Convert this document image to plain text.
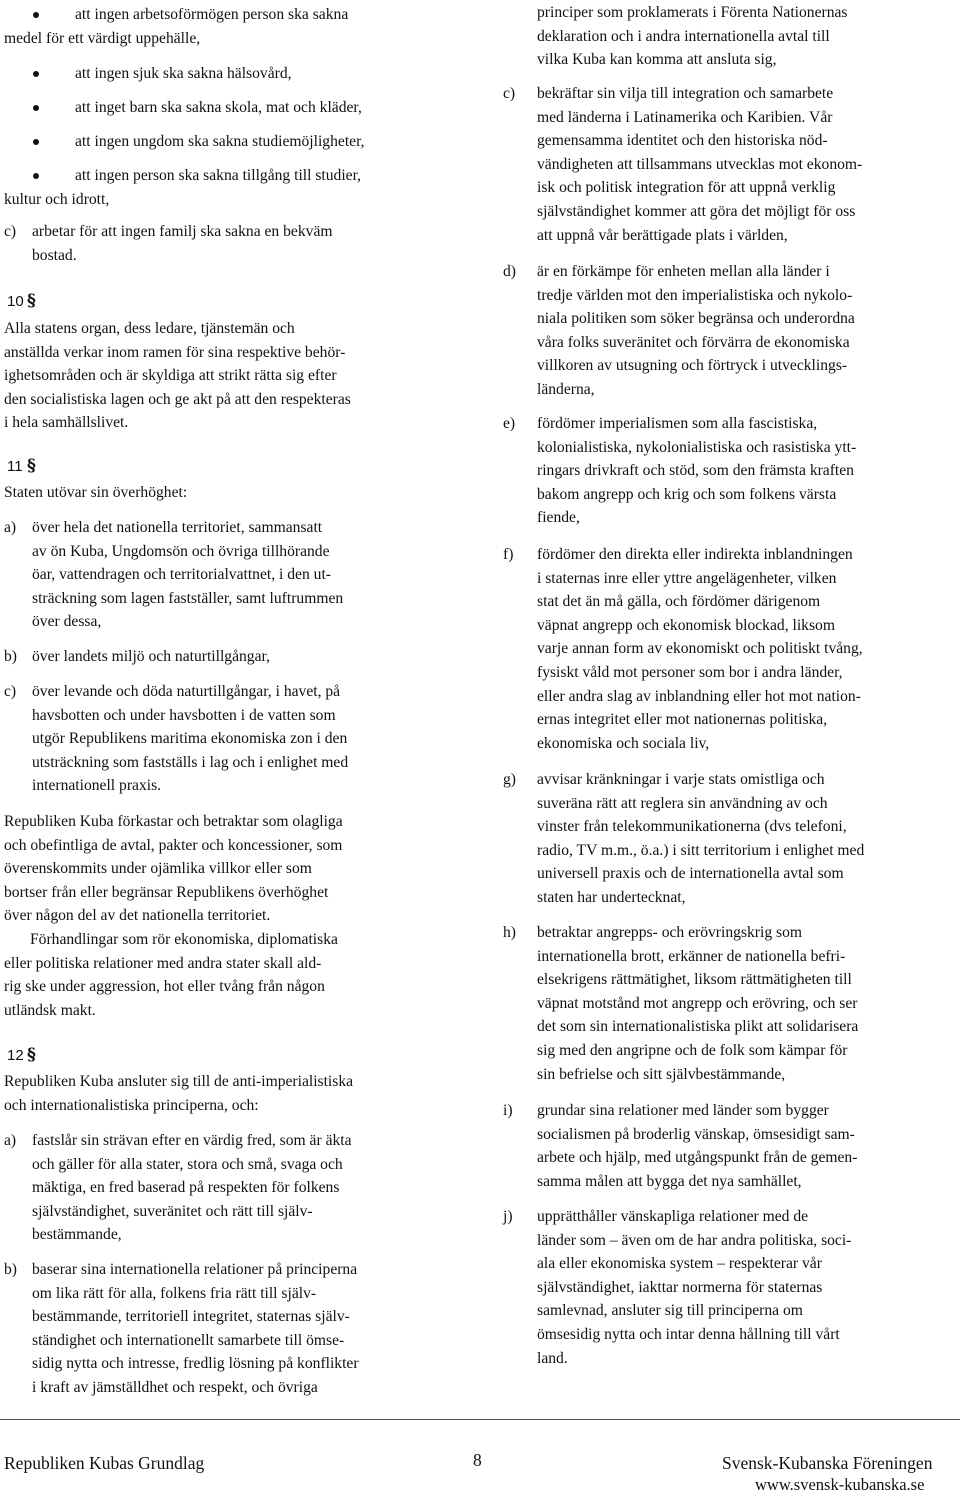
att ingen arbetsoförmögen person ska sakna
medel för ett värdigt uppehälle,
att ingen sjuk ska sakna hälsovård,
att inget barn ska sakna skola, mat och kläder,
att ingen ungdom ska sakna studiemöjligheter,
att ingen person ska sakna tillgång till studier,
kultur och idrott,
c) arbetar för att ingen familj ska sakna en bekväm
bostad.
10 §
Alla statens organ, dess ledare, tjänstemän och
anställda verkar inom ramen för sina respektive behör-
ighetsområden och är skyldiga att strikt rätta sig efter
den socialistiska lagen och ge akt på att den respekteras
i hela samhällslivet.
11 §
Staten utövar sin överhöghet:
a) över hela det nationella territoriet, sammansatt
av ön Kuba, Ungdomsön och övriga tillhörande
öar, vattendragen och territorialvattnet, i den ut-
sträckning som lagen fastställer, samt luftrummen
över dessa,
b) över landets miljö och naturtillgångar,
c) över levande och döda naturtillgångar, i havet, på
havsbotten och under havsbotten i de vatten som
utgör Republikens maritima ekonomiska zon i den
utsträckning som fastställs i lag och i enlighet med
internationell praxis.
Republiken Kuba förkastar och betraktar som olagliga
och obefintliga de avtal, pakter och koncessioner, som
överenskommits under ojämlika villkor eller som
bortser från eller begränsar Republikens överhöghet
över någon del av det nationella territoriet.
Förhandlingar som rör ekonomiska, diplomatiska
eller politiska relationer med andra stater skall ald-
rig ske under aggression, hot eller tvång från någon
utländsk makt.
12 §
Republiken Kuba ansluter sig till de anti-imperialistiska
och internationalistiska principerna, och:
a) fastslår sin strävan efter en värdig fred, som är äkta
och gäller för alla stater, stora och små, svaga och
mäktiga, en fred baserad på respekten för folkens
självständighet, suveränitet och rätt till själv-
bestämmande,
b) baserar sina internationella relationer på principerna
om lika rätt för alla, folkens fria rätt till själv-
bestämmande, territoriell integritet, staternas själv-
ständighet och internationellt samarbete till ömse-
sidig nytta och intresse, fredlig lösning på konflikter
i kraft av jämställdhet och respekt, och övriga
principer som proklamerats i Förenta Nationernas
deklaration och i andra internationella avtal till
vilka Kuba kan komma att ansluta sig,
c) bekräftar sin vilja till integration och samarbete
med länderna i Latinamerika och Karibien. Vår
gemensamma identitet och den historiska nöd-
vändigheten att tillsammans utvecklas mot ekonom-
isk och politisk integration för att uppnå verklig
självständighet kommer att göra det möjligt för oss
att uppnå vår berättigade plats i världen,
d) är en förkämpe för enheten mellan alla länder i
tredje världen mot den imperialistiska och nykolo-
niala politiken som söker begränsa och underordna
våra folks suveränitet och förvärra de ekonomiska
villkoren av utsugning och förtryck i utvecklings-
länderna,
e) fördömer imperialismen som alla fascistiska,
kolonialistiska, nykolonialistiska och rasistiska ytt-
ringars drivkraft och stöd, som den främsta kraften
bakom angrepp och krig och som folkens värsta
fiende,
f) fördömer den direkta eller indirekta inblandningen
i staternas inre eller yttre angelägenheter, vilken
stat det än må gälla, och fördömer därigenom
väpnat angrepp och ekonomisk blockad, liksom
varje annan form av ekonomiskt och politiskt tvång,
fysiskt våld mot personer som bor i andra länder,
eller andra slag av inblandning eller hot mot nation-
ernas integritet eller mot nationernas politiska,
ekonomiska och sociala liv,
g) avvisar kränkningar i varje stats omistliga och
suveräna rätt att reglera sin användning av och
vinster från telekommunikationerna (dvs telefoni,
radio, TV m.m., ö.a.) i sitt territorium i enlighet med
universell praxis och de internationella avtal som
staten har undertecknat,
h) betraktar angrepps- och erövringskrig som
internationella brott, erkänner de nationella befri-
elsekrigens rättmätighet, liksom rättmätigheten till
väpnat motstånd mot angrepp och erövring, och ser
det som sin internationalistiska plikt att solidarisera
sig med den angripne och de folk som kämpar för
sin befrielse och sitt självbestämmande,
i) grundar sina relationer med länder som bygger
socialismen på broderlig vänskap, ömsesidigt sam-
arbete och hjälp, med utgångspunkt från de gemen-
samma målen att bygga det nya samhället,
j) upprätthåller vänskapliga relationer med de
länder som – även om de har andra politiska, soci-
ala eller ekonomiska system – respekterar vår
självständighet, iakttar normerna för staternas
samlevnad, ansluter sig till principerna om
ömsesidig nytta och intar denna hållning till vårt
land.
Republiken Kubas Grundlag	8	Svensk-Kubanska Föreningen
www.svensk-kubanska.se
